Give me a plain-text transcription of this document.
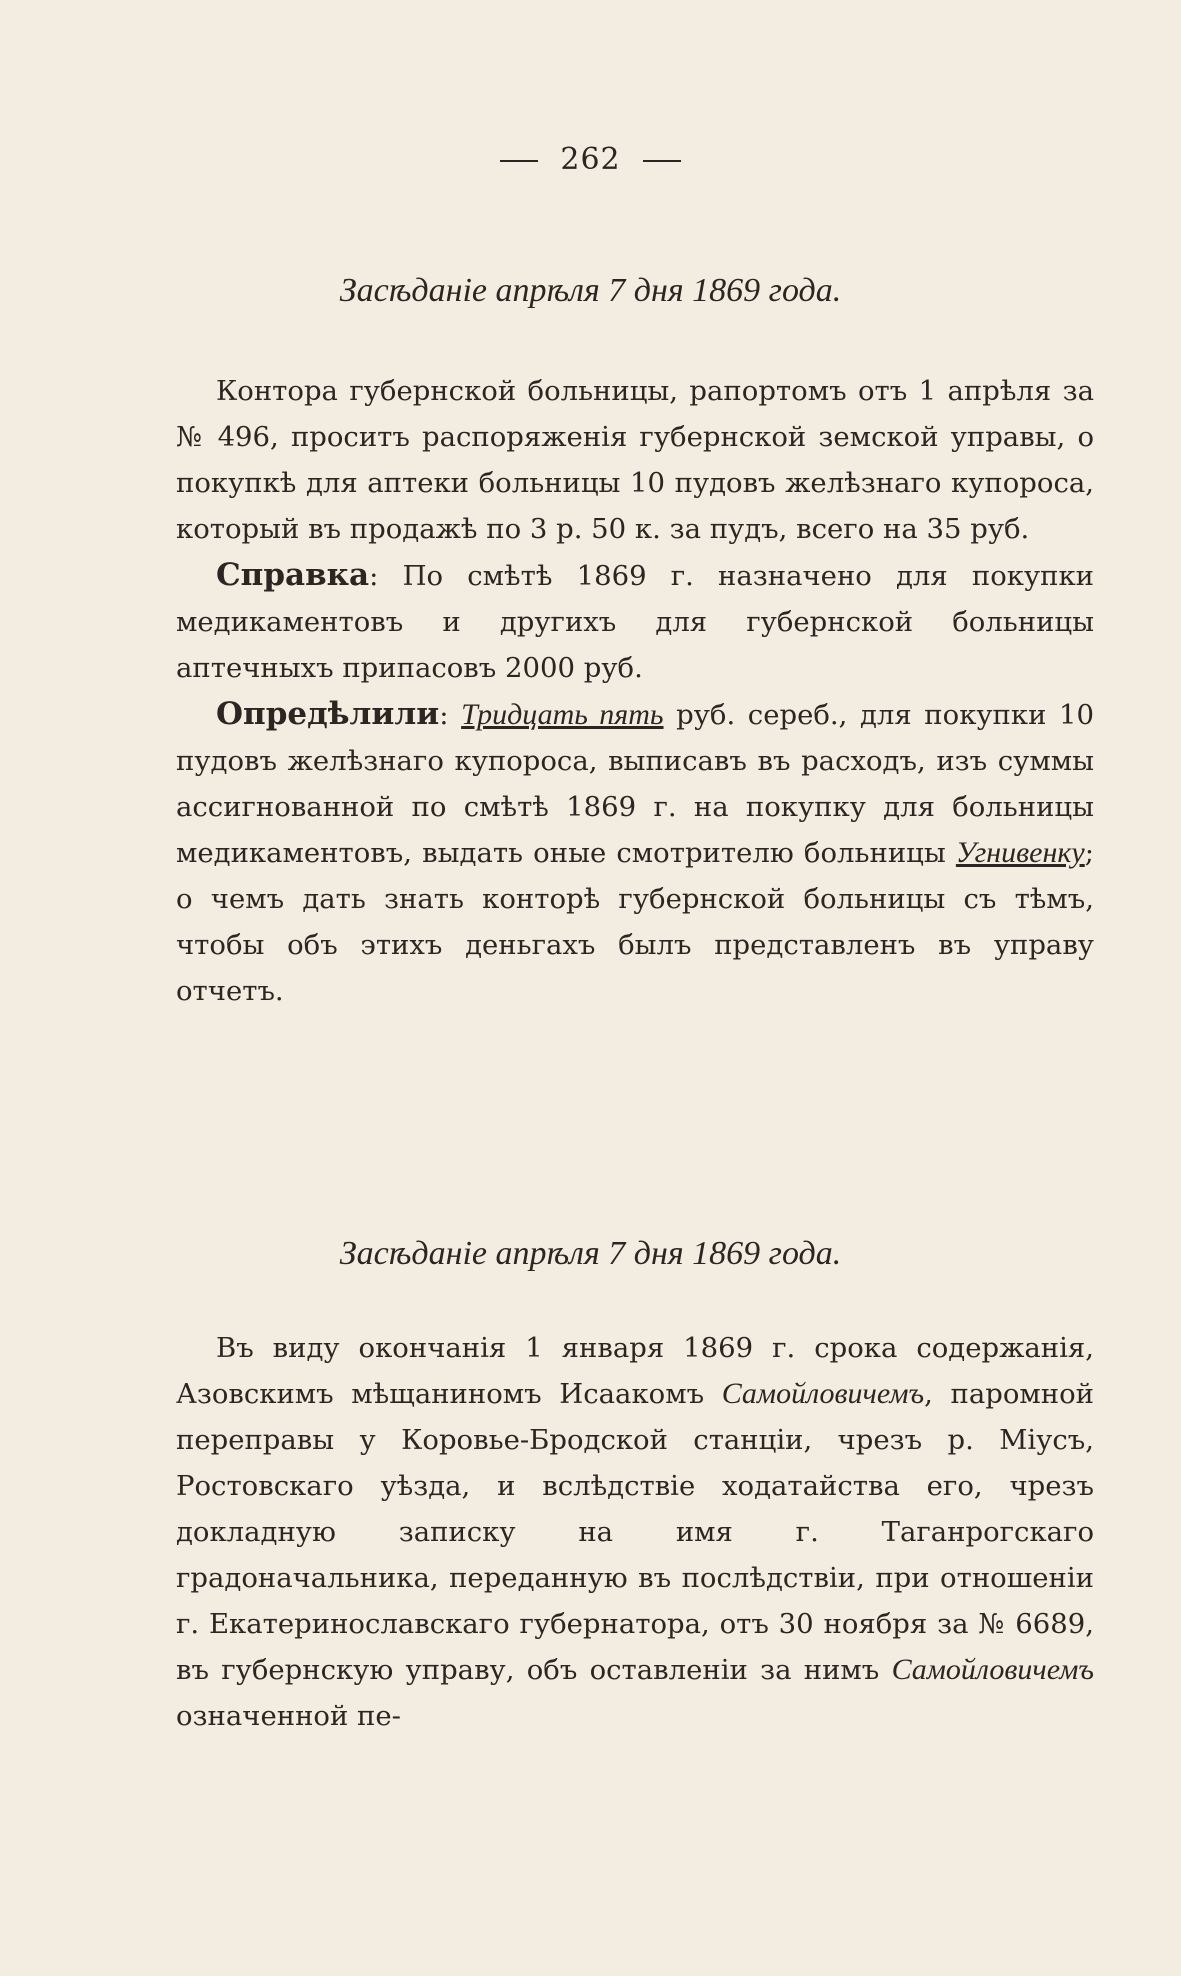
262
Засѣданіе апрѣля 7 дня 1869 года.

Контора губернской больницы, рапортомъ отъ 1 апрѣля за № 496, проситъ распоряженія губернской земской управы, о покупкѣ для аптеки больницы 10 пудовъ желѣзнаго купороса, который въ продажѣ по 3 р. 50 к. за пудъ, всего на 35 руб.

Справка: По смѣтѣ 1869 г. назначено для покупки медикаментовъ и другихъ для губернской больницы аптечныхъ припасовъ 2000 руб.

Опредѣлили: Тридцать пять руб. сереб., для покупки 10 пудовъ желѣзнаго купороса, выписавъ въ расходъ, изъ суммы ассигнованной по смѣтѣ 1869 г. на покупку для больницы медикаментовъ, выдать оные смотрителю больницы Угнивенку; о чемъ дать знать конторѣ губернской больницы съ тѣмъ, чтобы объ этихъ деньгахъ былъ представленъ въ управу отчетъ.

Засѣданіе апрѣля 7 дня 1869 года.

Въ виду окончанія 1 января 1869 г. срока содержанія, Азовскимъ мѣщаниномъ Исаакомъ Самойловичемъ, паромной переправы у Коровье-Бродской станціи, чрезъ р. Міусъ, Ростовскаго уѣзда, и вслѣдствіе ходатайства его, чрезъ докладную записку на имя г. Таганрогскаго градоначальника, переданную въ послѣдствіи, при отношеніи г. Екатеринославскаго губернатора, отъ 30 ноября за № 6689, въ губернскую управу, объ оставленіи за нимъ Самойловичемъ означенной пе-
